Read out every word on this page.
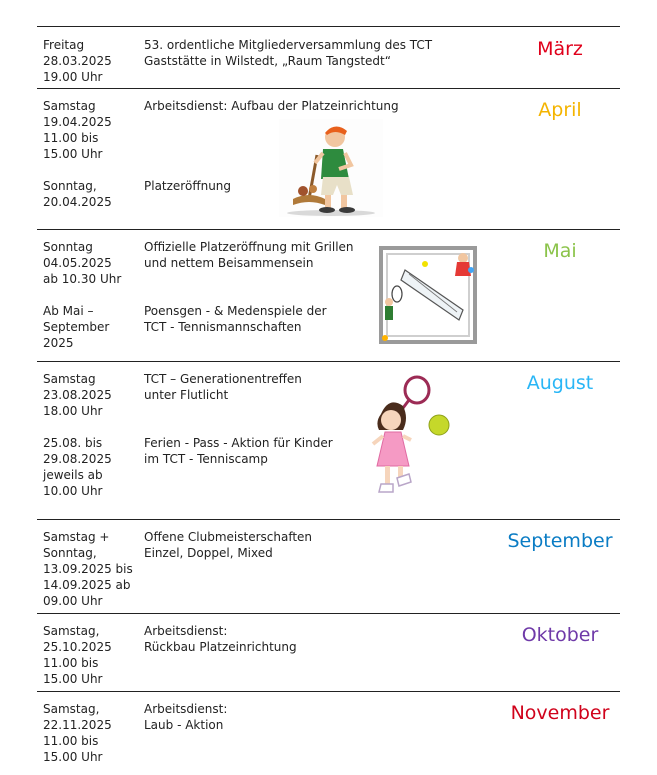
Freitag
28.03.2025
19.00 Uhr
53. ordentliche Mitgliederversammlung des TCT
Gaststätte in Wilstedt, „Raum Tangstedt“
März
Samstag
19.04.2025
11.00 bis
15.00 Uhr
Arbeitsdienst: Aufbau der Platzeinrichtung
Sonntag,
20.04.2025
Platzeröffnung
April
Sonntag
04.05.2025
ab 10.30 Uhr
Offizielle Platzeröffnung mit Grillen
und nettem Beisammensein
Ab Mai –
September
2025
Poensgen - & Medenspiele der
TCT - Tennismannschaften
Mai
Samstag
23.08.2025
18.00 Uhr
TCT – Generationentreffen
unter Flutlicht
25.08. bis
29.08.2025
jeweils ab
10.00 Uhr
Ferien - Pass - Aktion für Kinder
im TCT - Tenniscamp
August
Samstag +
Sonntag,
13.09.2025 bis
14.09.2025 ab
09.00 Uhr
Offene Clubmeisterschaften
Einzel, Doppel, Mixed
September
Samstag,
25.10.2025
11.00 bis
15.00 Uhr
Arbeitsdienst:
Rückbau Platzeinrichtung
Oktober
Samstag,
22.11.2025
11.00 bis
15.00 Uhr
Arbeitsdienst:
Laub - Aktion
November
